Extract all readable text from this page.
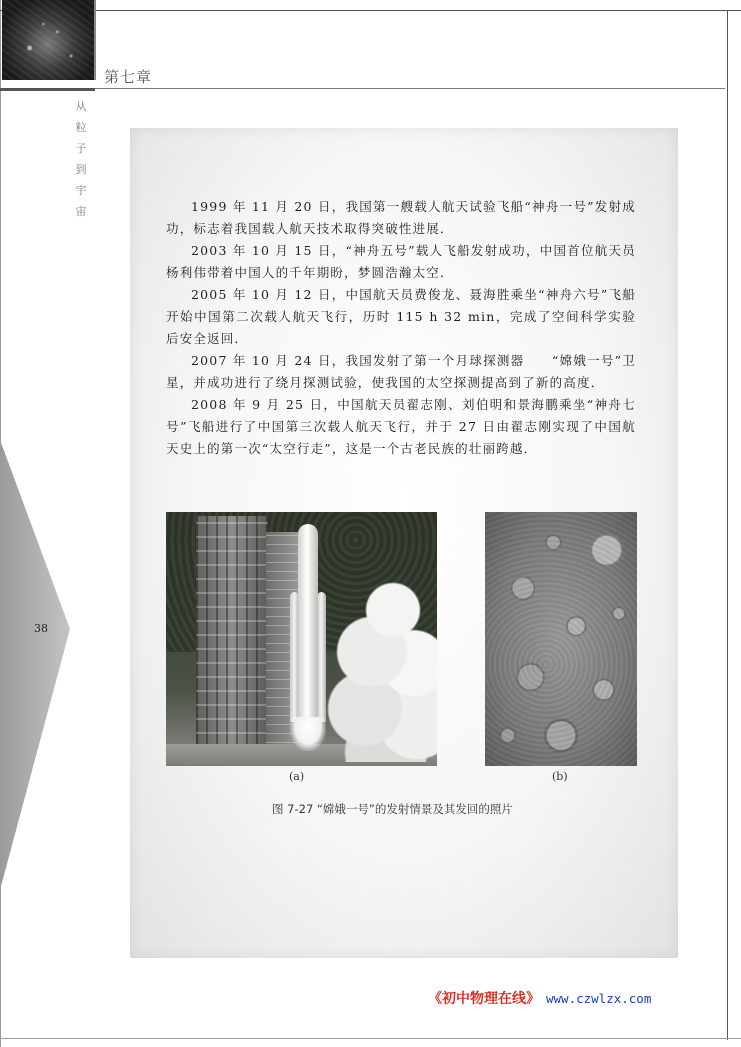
第七章
从
粒
子
到
宇
宙
38

1999 年 11 月 20 日，我国第一艘载人航天试验飞船“神舟一号”发射成功，标志着我国载人航天技术取得突破性进展．

2003 年 10 月 15 日，“神舟五号”载人飞船发射成功，中国首位航天员杨利伟带着中国人的千年期盼，梦圆浩瀚太空．

2005 年 10 月 12 日，中国航天员费俊龙、聂海胜乘坐“神舟六号”飞船开始中国第二次载人航天飞行，历时 115 h 32 min，完成了空间科学实验后安全返回．

2007 年 10 月 24 日，我国发射了第一个月球探测器　　“嫦娥一号”卫星，并成功进行了绕月探测试验，使我国的太空探测提高到了新的高度．

2008 年 9 月 25 日，中国航天员翟志刚、刘伯明和景海鹏乘坐“神舟七号”飞船进行了中国第三次载人航天飞行，并于 27 日由翟志刚实现了中国航天史上的第一次“太空行走”，这是一个古老民族的壮丽跨越．

(a)	(b)
图 7-27 “嫦娥一号”的发射情景及其发回的照片
《初中物理在线》 www.czwlzx.com
